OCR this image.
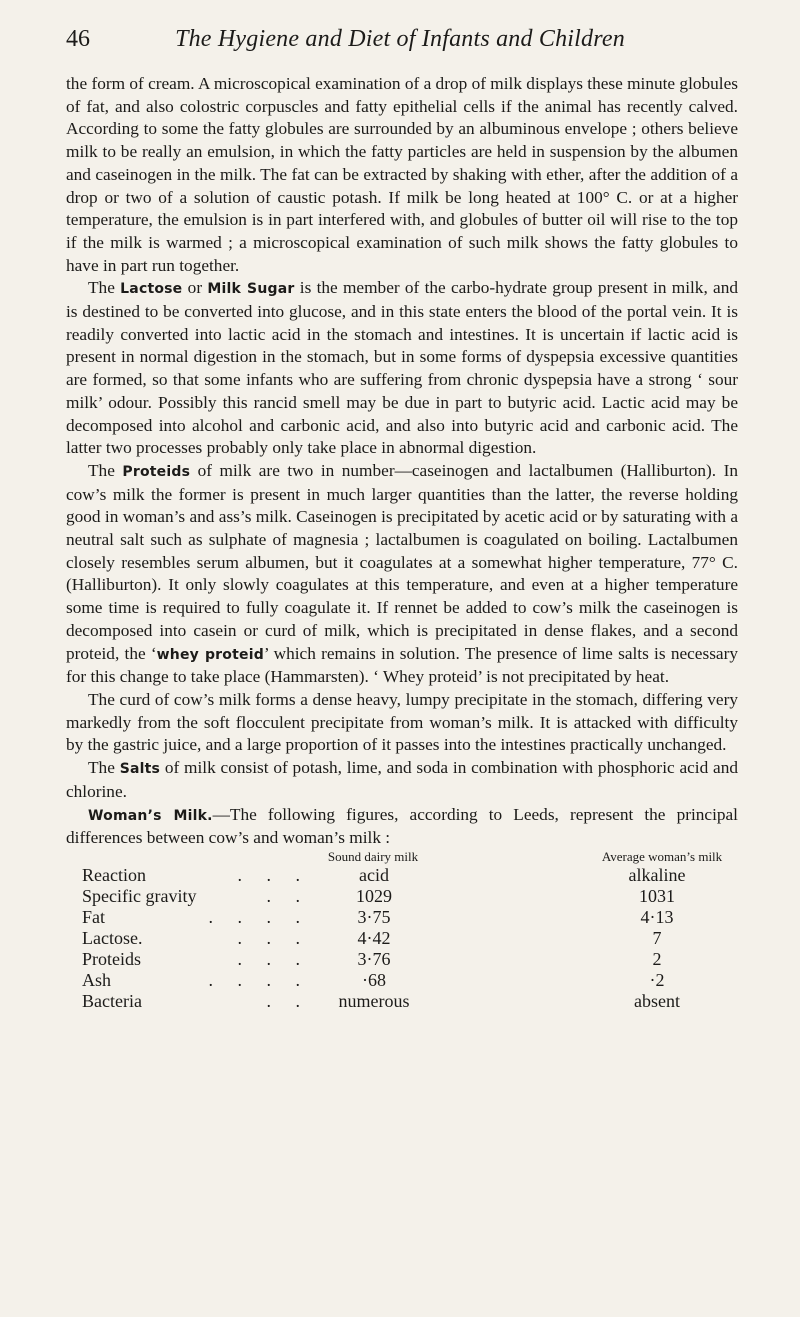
46	The Hygiene and Diet of Infants and Children

the form of cream. A microscopical examination of a drop of milk displays these minute globules of fat, and also colostric corpuscles and fatty epithelial cells if the animal has recently calved. According to some the fatty globules are surrounded by an albuminous envelope ; others believe milk to be really an emulsion, in which the fatty particles are held in suspension by the albumen and caseinogen in the milk. The fat can be extracted by shaking with ether, after the addition of a drop or two of a solution of caustic potash. If milk be long heated at 100° C. or at a higher temperature, the emulsion is in part interfered with, and globules of butter oil will rise to the top if the milk is warmed ; a microscopical examination of such milk shows the fatty globules to have in part run together.

The Lactose or Milk Sugar is the member of the carbo-hydrate group present in milk, and is destined to be converted into glucose, and in this state enters the blood of the portal vein. It is readily converted into lactic acid in the stomach and intestines. It is uncertain if lactic acid is present in normal digestion in the stomach, but in some forms of dyspepsia excessive quantities are formed, so that some infants who are suffering from chronic dyspepsia have a strong ‘ sour milk’ odour. Possibly this rancid smell may be due in part to butyric acid. Lactic acid may be decomposed into alcohol and carbonic acid, and also into butyric acid and carbonic acid. The latter two processes probably only take place in abnormal digestion.

The Proteids of milk are two in number—caseinogen and lactalbumen (Halliburton). In cow’s milk the former is present in much larger quantities than the latter, the reverse holding good in woman’s and ass’s milk. Caseinogen is precipitated by acetic acid or by saturating with a neutral salt such as sulphate of magnesia ; lactalbumen is coagulated on boiling. Lactalbumen closely resembles serum albumen, but it coagulates at a somewhat higher temperature, 77° C. (Halliburton). It only slowly coagulates at this temperature, and even at a higher temperature some time is required to fully coagulate it. If rennet be added to cow’s milk the caseinogen is decomposed into casein or curd of milk, which is precipitated in dense flakes, and a second proteid, the ‘whey proteid’ which remains in solution. The presence of lime salts is necessary for this change to take place (Hammarsten). ‘ Whey proteid’ is not precipitated by heat.

The curd of cow’s milk forms a dense heavy, lumpy precipitate in the stomach, differing very markedly from the soft flocculent precipitate from woman’s milk. It is attacked with difficulty by the gastric juice, and a large proportion of it passes into the intestines practically unchanged.

The Salts of milk consist of potash, lime, and soda in combination with phosphoric acid and chlorine.

Woman’s Milk.—The following figures, according to Leeds, represent the principal differences between cow’s and woman’s milk :

Sound dairy milk	Average woman’s milk
Reaction	. . .	acid	alkaline
Specific gravity	. .	1029	1031
Fat	. . . .	3·75	4·13
Lactose.	. . .	4·42	7
Proteids	. . .	3·76	2
Ash	. . . .	·68	·2
Bacteria	. .	numerous	absent
